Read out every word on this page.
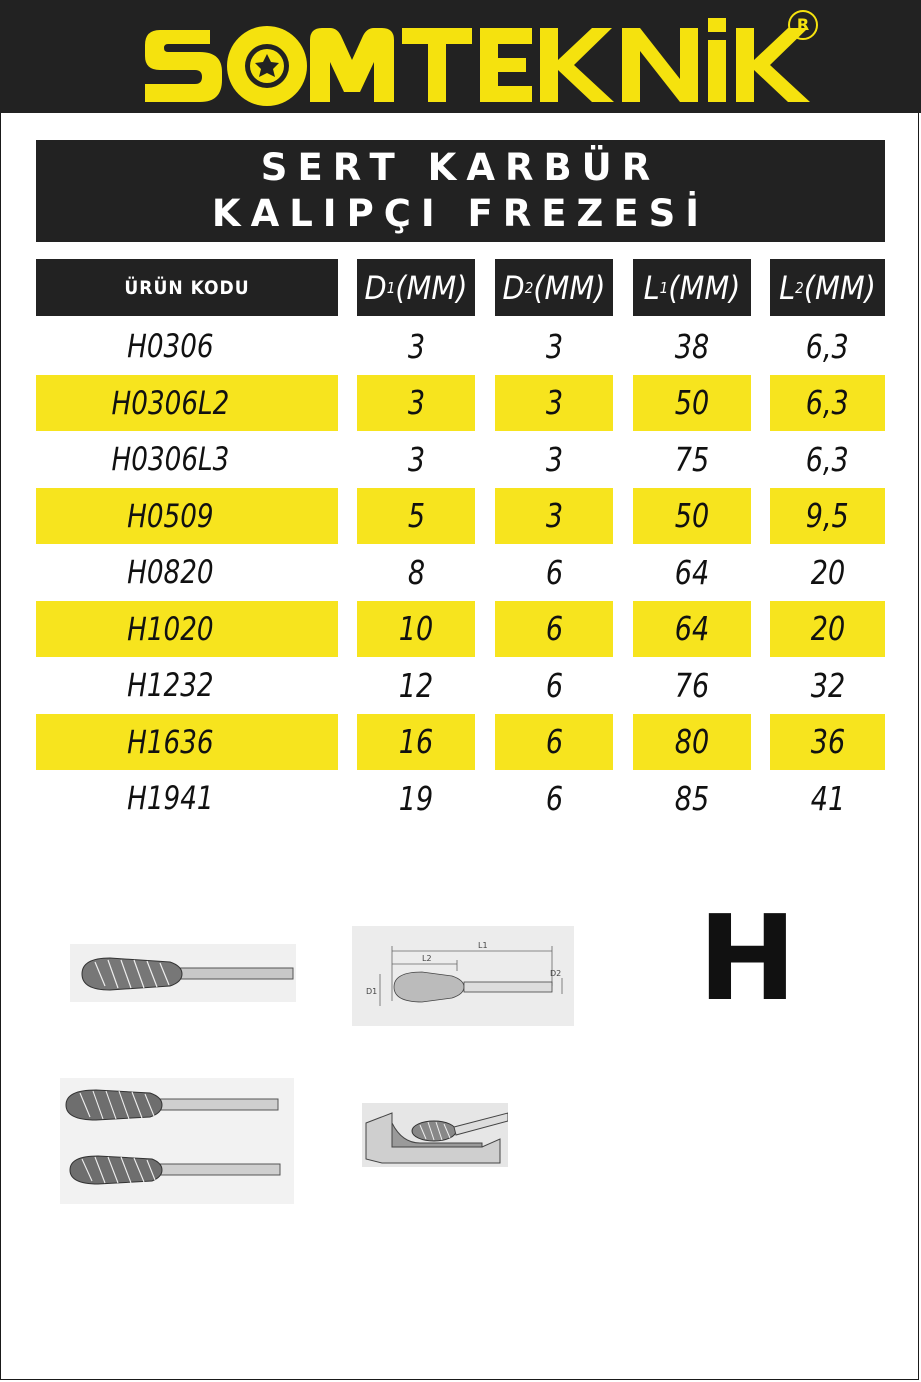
R
SERT KARBÜR
KALIPÇI FREZESİ
ÜRÜN KODU	D 1 (MM) D 2 (MM) L 1 (MM) L 2 (MM)
H0306	3	3	38	6,3
H0306L2	3	3	50	6,3
H0306L3	3	3	75	6,3
H0509	5	3	50	9,5
H0820	8	6	64	20
H1020	10	6	64	20
H1232	12	6	76	32
H1636	16	6	80	36
H1941	19	6	85	41
L1
L2
D1
D2 H
